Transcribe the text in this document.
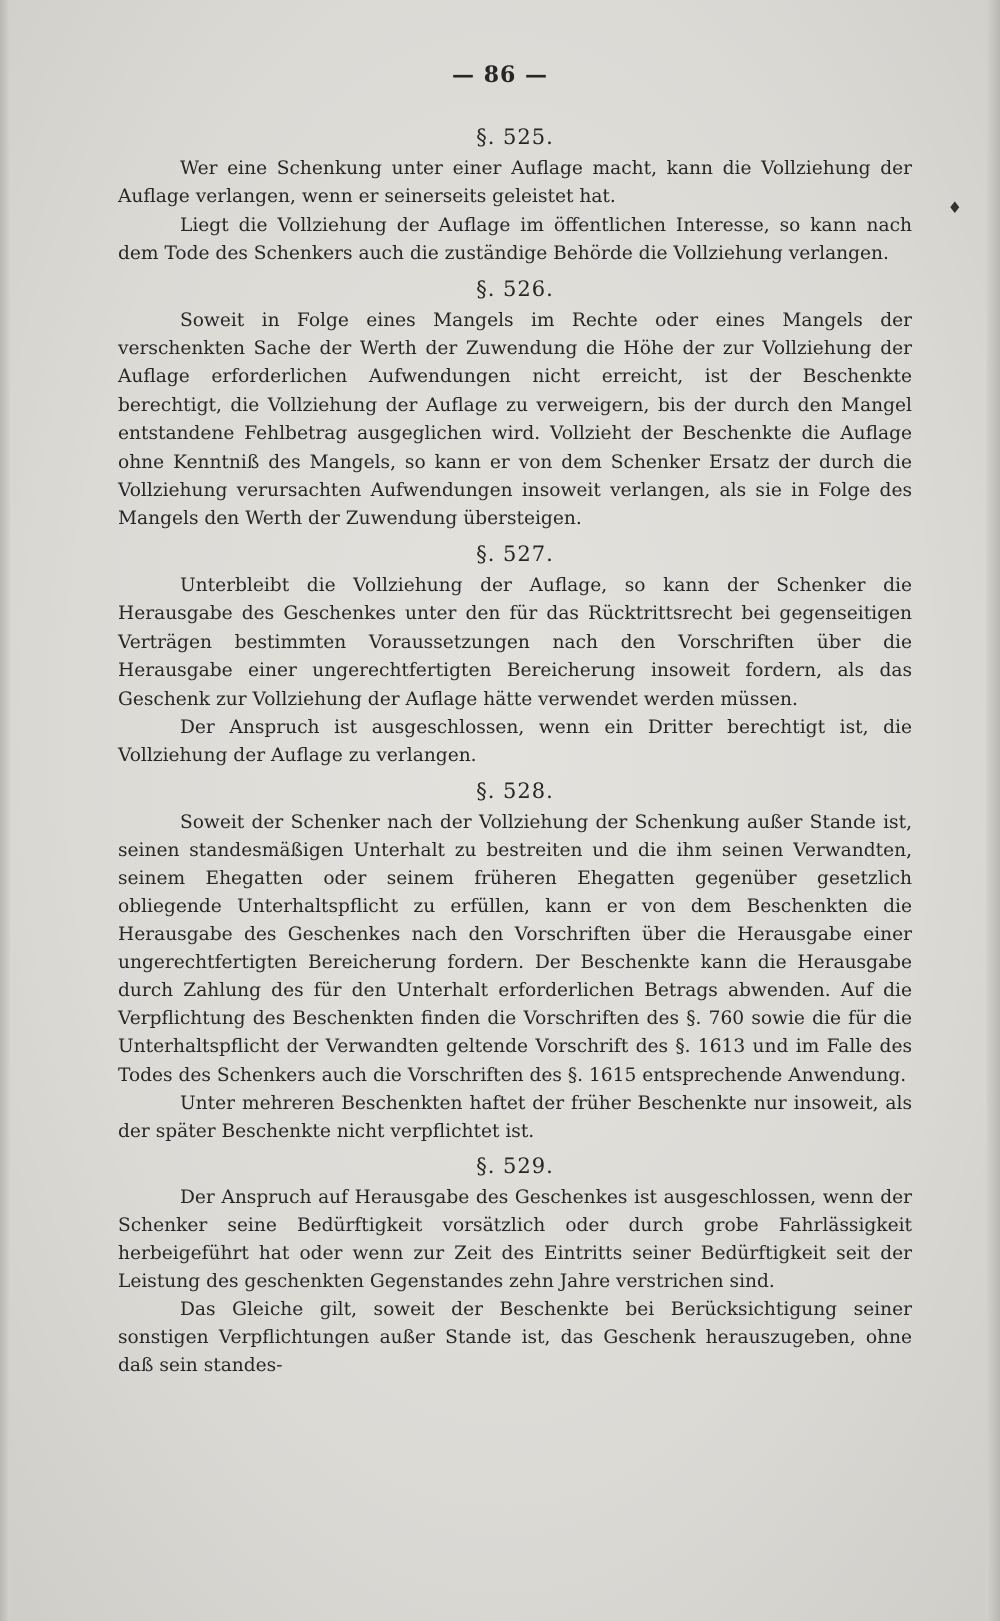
— 86 —
♦
§. 525.

Wer eine Schenkung unter einer Auflage macht, kann die Vollziehung der Auflage verlangen, wenn er seinerseits geleistet hat.

Liegt die Vollziehung der Auflage im öffentlichen Interesse, so kann nach dem Tode des Schenkers auch die zuständige Behörde die Vollziehung verlangen.

§. 526.

Soweit in Folge eines Mangels im Rechte oder eines Mangels der verschenkten Sache der Werth der Zuwendung die Höhe der zur Vollziehung der Auflage erforderlichen Aufwendungen nicht erreicht, ist der Beschenkte berechtigt, die Vollziehung der Auflage zu verweigern, bis der durch den Mangel entstandene Fehlbetrag ausgeglichen wird. Vollzieht der Beschenkte die Auflage ohne Kenntniß des Mangels, so kann er von dem Schenker Ersatz der durch die Vollziehung verursachten Aufwendungen insoweit verlangen, als sie in Folge des Mangels den Werth der Zuwendung übersteigen.

§. 527.

Unterbleibt die Vollziehung der Auflage, so kann der Schenker die Herausgabe des Geschenkes unter den für das Rücktrittsrecht bei gegenseitigen Verträgen bestimmten Voraussetzungen nach den Vorschriften über die Herausgabe einer ungerechtfertigten Bereicherung insoweit fordern, als das Geschenk zur Vollziehung der Auflage hätte verwendet werden müssen.

Der Anspruch ist ausgeschlossen, wenn ein Dritter berechtigt ist, die Vollziehung der Auflage zu verlangen.

§. 528.

Soweit der Schenker nach der Vollziehung der Schenkung außer Stande ist, seinen standesmäßigen Unterhalt zu bestreiten und die ihm seinen Verwandten, seinem Ehegatten oder seinem früheren Ehegatten gegenüber gesetzlich obliegende Unterhaltspflicht zu erfüllen, kann er von dem Beschenkten die Herausgabe des Geschenkes nach den Vorschriften über die Herausgabe einer ungerechtfertigten Bereicherung fordern. Der Beschenkte kann die Herausgabe durch Zahlung des für den Unterhalt erforderlichen Betrags abwenden. Auf die Verpflichtung des Beschenkten finden die Vorschriften des §. 760 sowie die für die Unterhaltspflicht der Verwandten geltende Vorschrift des §. 1613 und im Falle des Todes des Schenkers auch die Vorschriften des §. 1615 entsprechende Anwendung.

Unter mehreren Beschenkten haftet der früher Beschenkte nur insoweit, als der später Beschenkte nicht verpflichtet ist.

§. 529.

Der Anspruch auf Herausgabe des Geschenkes ist ausgeschlossen, wenn der Schenker seine Bedürftigkeit vorsätzlich oder durch grobe Fahrlässigkeit herbeigeführt hat oder wenn zur Zeit des Eintritts seiner Bedürftigkeit seit der Leistung des geschenkten Gegenstandes zehn Jahre verstrichen sind.

Das Gleiche gilt, soweit der Beschenkte bei Berücksichtigung seiner sonstigen Verpflichtungen außer Stande ist, das Geschenk herauszugeben, ohne daß sein standes-
